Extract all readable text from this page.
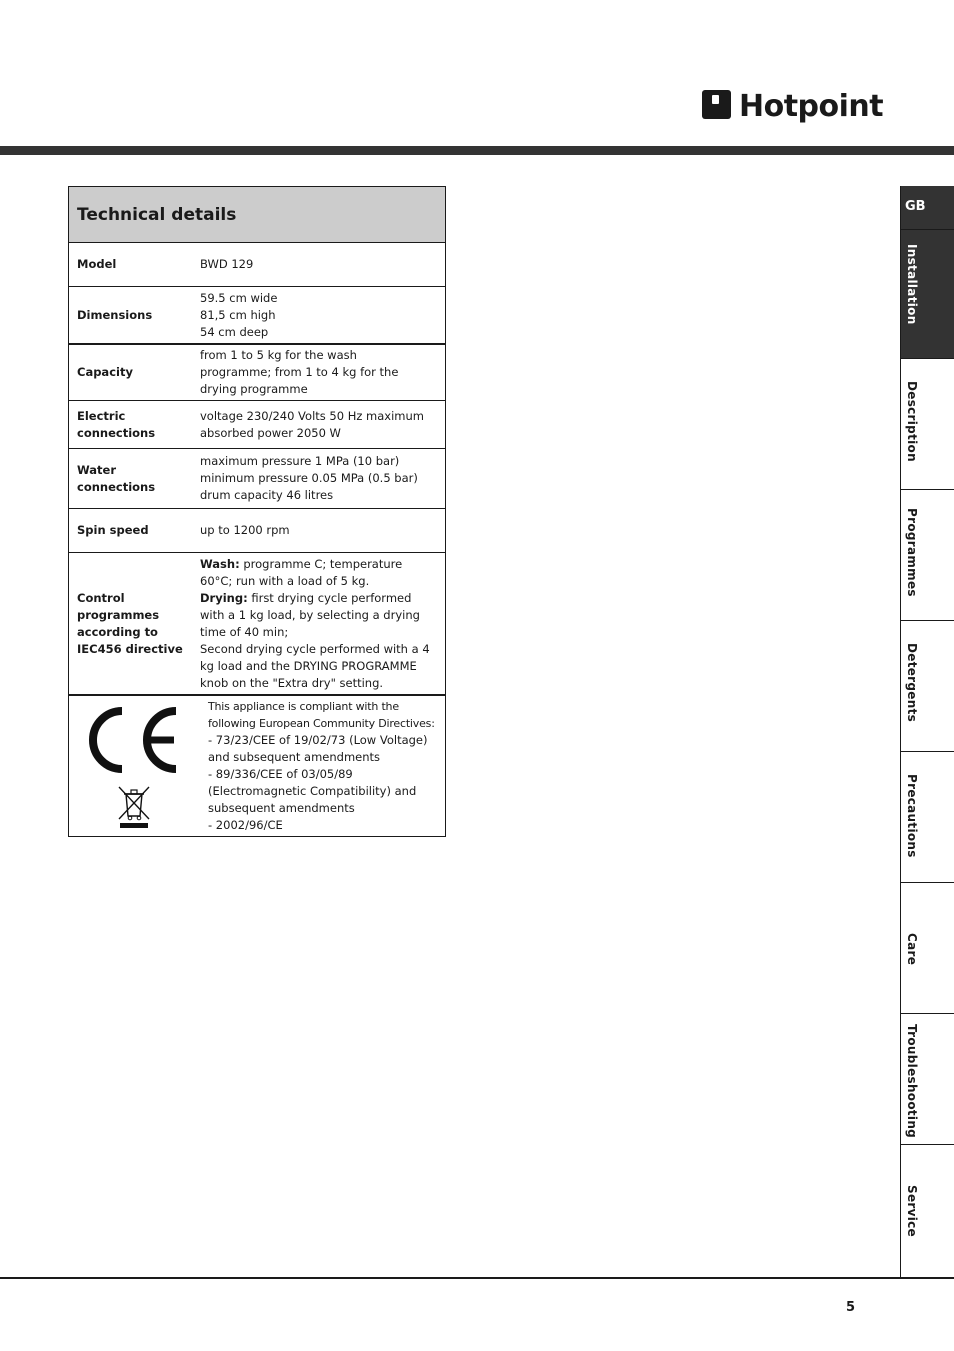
Hotpoint
Technical details
Model	BWD 129
Dimensions
59.5 cm wide
81,5 cm high
54 cm deep
Capacity
from 1 to 5 kg for the wash
programme; from 1 to 4 kg for the
drying programme
Electric
connections
voltage 230/240 Volts 50 Hz maximum
absorbed power 2050 W
Water
connections
maximum pressure 1 MPa (10 bar)
minimum pressure 0.05 MPa (0.5 bar)
drum capacity 46 litres
Spin speed	up to 1200 rpm
Control
programmes
according to
IEC456 directive
Wash: programme C; temperature
60°C; run with a load of 5 kg.
Drying: first drying cycle performed
with a 1 kg load, by selecting a drying
time of 40 min;
Second drying cycle performed with a 4
kg load and the DRYING PROGRAMME
knob on the "Extra dry" setting.
This appliance is compliant with the
following European Community Directives:
- 73/23/CEE of 19/02/73 (Low Voltage)
and subsequent amendments
- 89/336/CEE of 03/05/89
(Electromagnetic Compatibility) and
subsequent amendments
- 2002/96/CE
GB
Installation
Description
Programmes
Detergents
Precautions
Care
Troubleshooting
Service
5
